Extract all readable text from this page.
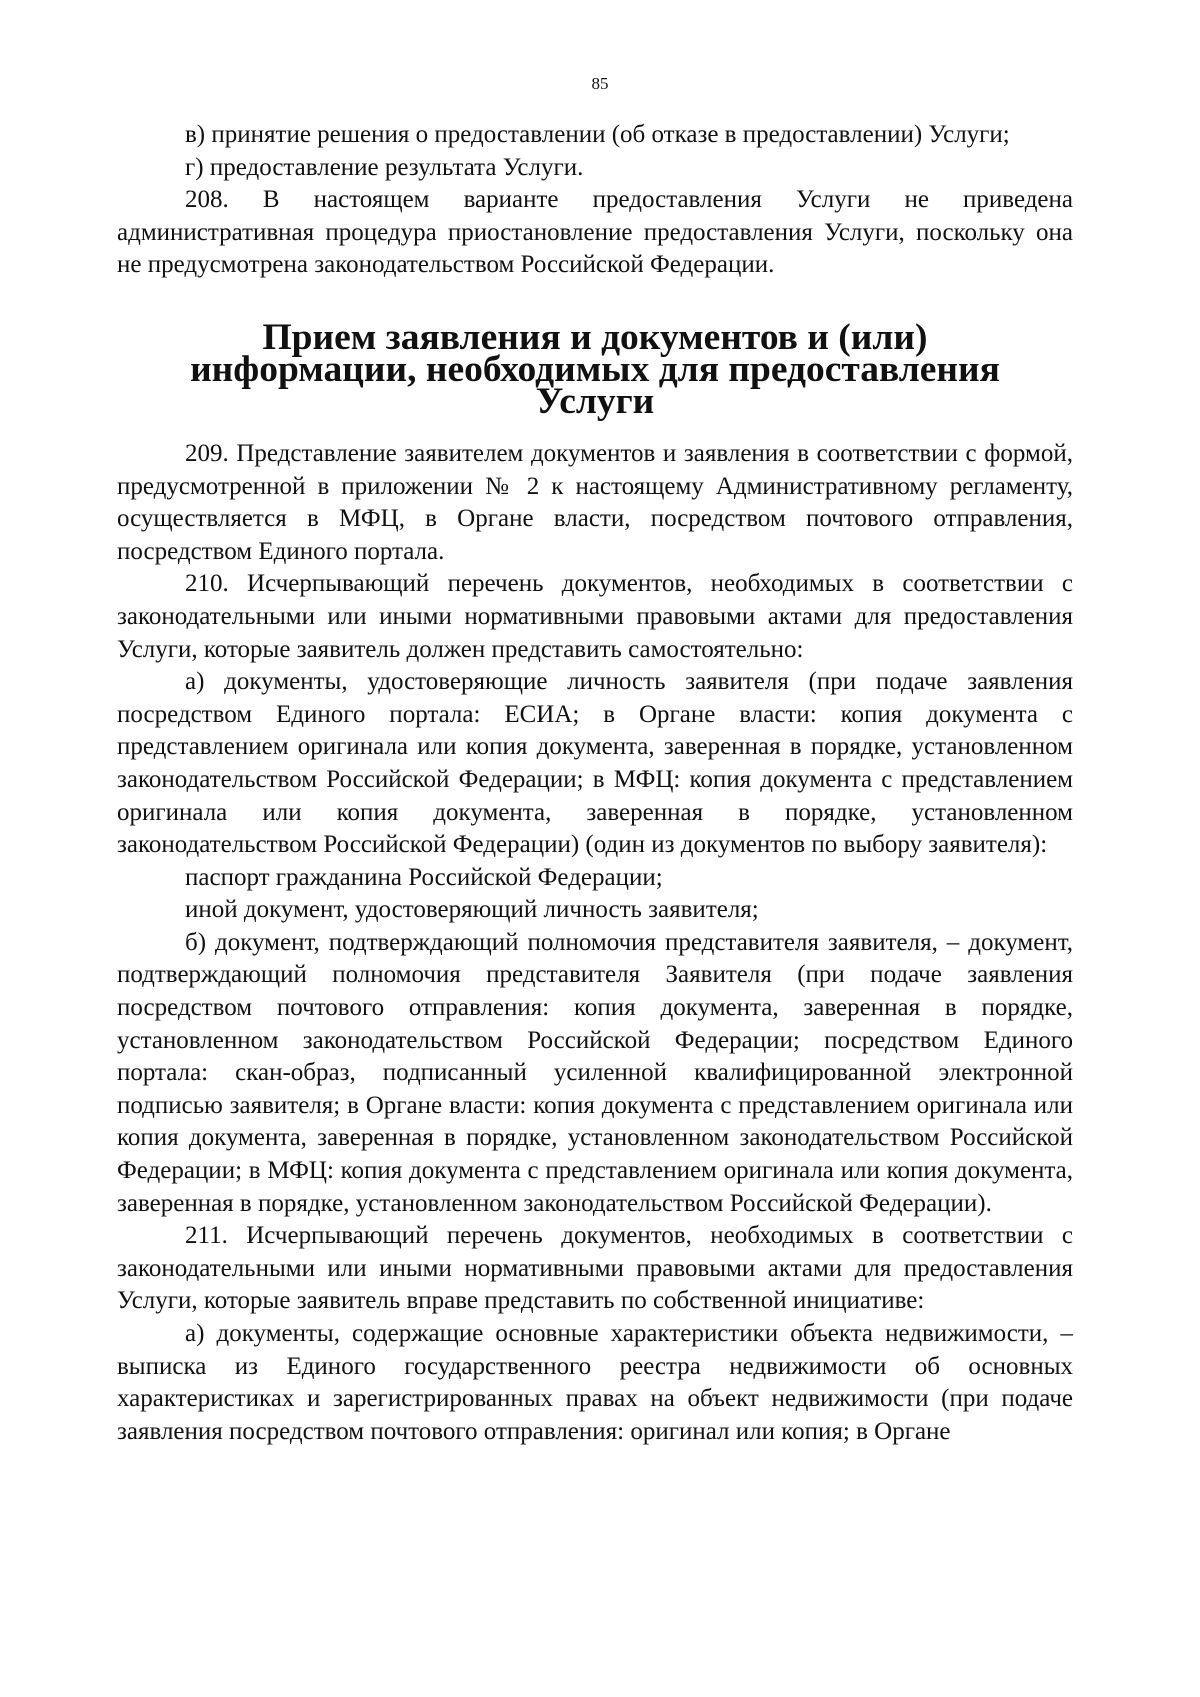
85

в) принятие решения о предоставлении (об отказе в предоставлении) Услуги;

г) предоставление результата Услуги.

208. В настоящем варианте предоставления Услуги не приведена административная процедура приостановление предоставления Услуги, поскольку она не предусмотрена законодательством Российской Федерации.

Прием заявления и документов и (или) информации, необходимых для предоставления Услуги

209. Представление заявителем документов и заявления в соответствии с формой, предусмотренной в приложении № 2 к настоящему Административному регламенту, осуществляется в МФЦ, в Органе власти, посредством почтового отправления, посредством Единого портала.

210. Исчерпывающий перечень документов, необходимых в соответствии с законодательными или иными нормативными правовыми актами для предоставления Услуги, которые заявитель должен представить самостоятельно:

а) документы, удостоверяющие личность заявителя (при подаче заявления посредством Единого портала: ЕСИА; в Органе власти: копия документа с представлением оригинала или копия документа, заверенная в порядке, установленном законодательством Российской Федерации; в МФЦ: копия документа с представлением оригинала или копия документа, заверенная в порядке, установленном законодательством Российской Федерации) (один из документов по выбору заявителя):

паспорт гражданина Российской Федерации;

иной документ, удостоверяющий личность заявителя;

б) документ, подтверждающий полномочия представителя заявителя, – документ, подтверждающий полномочия представителя Заявителя (при подаче заявления посредством почтового отправления: копия документа, заверенная в порядке, установленном законодательством Российской Федерации; посредством Единого портала: скан-образ, подписанный усиленной квалифицированной электронной подписью заявителя; в Органе власти: копия документа с представлением оригинала или копия документа, заверенная в порядке, установленном законодательством Российской Федерации; в МФЦ: копия документа с представлением оригинала или копия документа, заверенная в порядке, установленном законодательством Российской Федерации).

211. Исчерпывающий перечень документов, необходимых в соответствии с законодательными или иными нормативными правовыми актами для предоставления Услуги, которые заявитель вправе представить по собственной инициативе:

а) документы, содержащие основные характеристики объекта недвижимости, – выписка из Единого государственного реестра недвижимости об основных характеристиках и зарегистрированных правах на объект недвижимости (при подаче заявления посредством почтового отправления: оригинал или копия; в Органе
